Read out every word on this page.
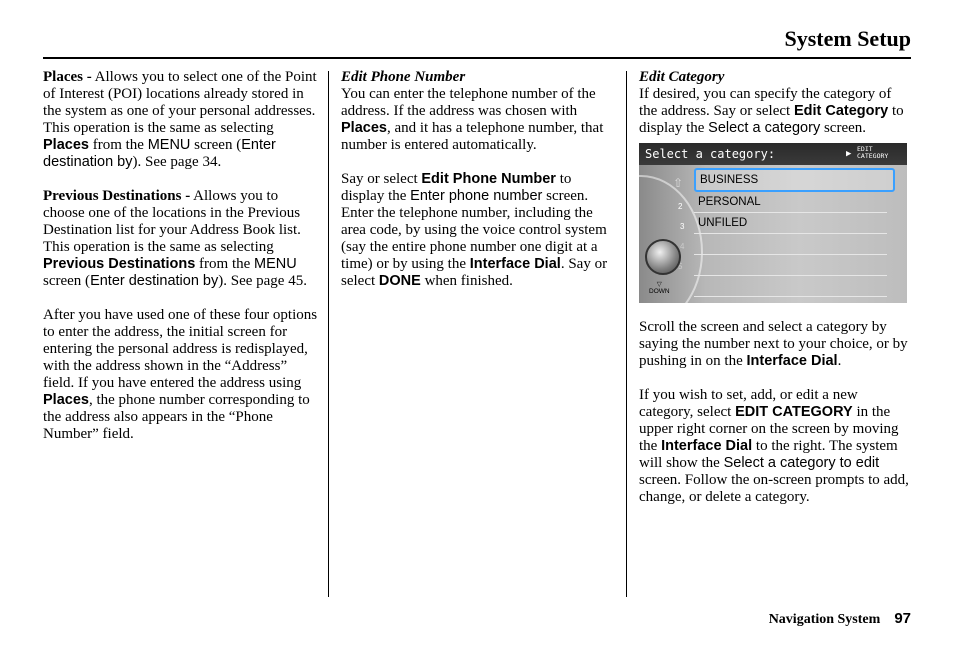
System Setup

Places - Allows you to select one of the Point of Interest (POI) locations already stored in the system as one of your personal addresses. This operation is the same as selecting Places from the MENU screen (Enter destination by). See page 34.

Previous Destinations - Allows you to choose one of the locations in the Previous Destination list for your Address Book list. This operation is the same as selecting Previous Destinations from the MENU screen (Enter destination by). See page 45.

After you have used one of these four options to enter the address, the initial screen for entering the personal address is redisplayed, with the address shown in the “Address” field. If you have entered the address using Places, the phone number corresponding to the address also appears in the “Phone Number” field.

Edit Phone Number

You can enter the telephone number of the address. If the address was chosen with Places, and it has a telephone number, that number is entered automatically.

Say or select Edit Phone Number to display the Enter phone number screen. Enter the telephone number, including the area code, by using the voice control system (say the entire phone number one digit at a time) or by using the Interface Dial. Say or select DONE when finished.

Edit Category

If desired, you can specify the category of the address. Say or select Edit Category to display the Select a category screen.

Select a category:	▶ EDIT
CATEGORY
⇧
2
3
4
5
▽
DOWN
BUSINESS
PERSONAL
UNFILED

Scroll the screen and select a category by saying the number next to your choice, or by pushing in on the Interface Dial.

If you wish to set, add, or edit a new category, select EDIT CATEGORY in the upper right corner on the screen by moving the Interface Dial to the right. The system will show the Select a category to edit screen. Follow the on-screen prompts to add, change, or delete a category.

Navigation System 97
